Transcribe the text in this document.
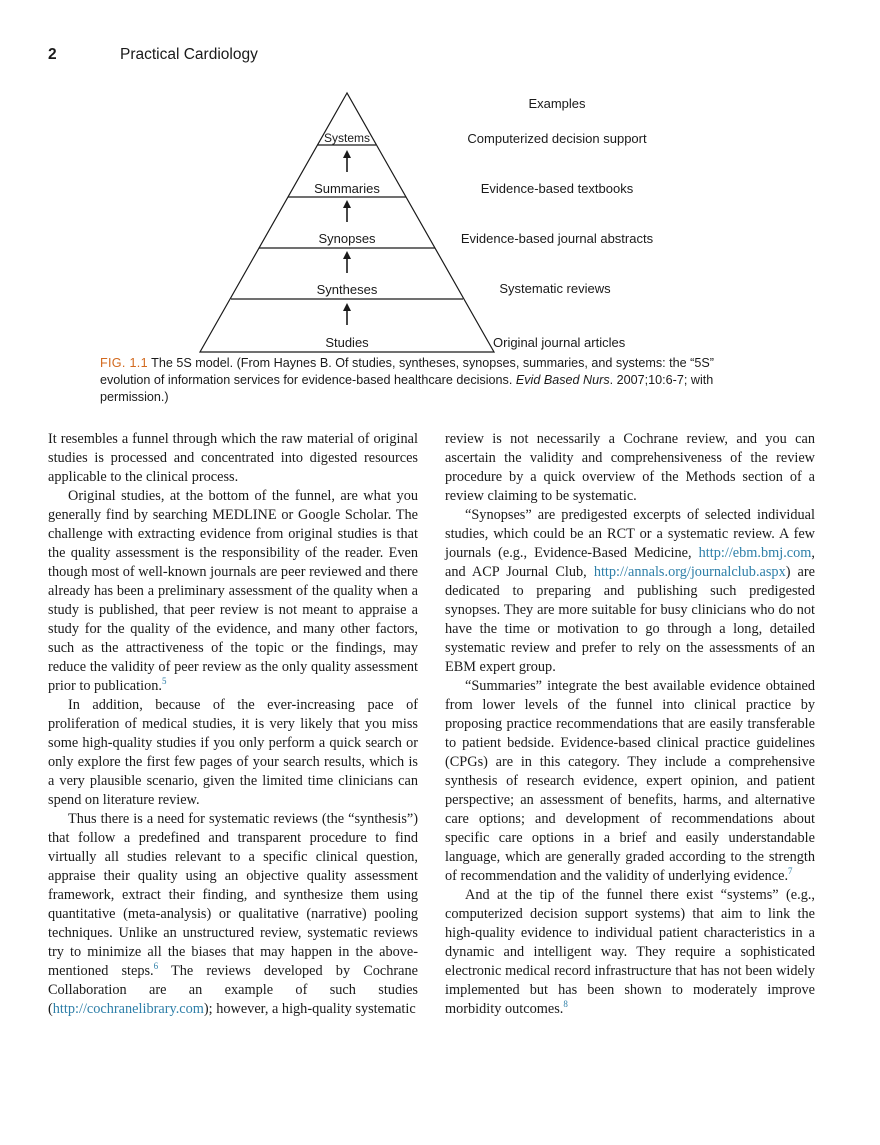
2	Practical Cardiology
Systems
Summaries
Synopses
Syntheses
Studies
Examples
Computerized decision support
Evidence-based textbooks
Evidence-based journal abstracts
Systematic reviews
Original journal articles
FIG. 1.1 The 5S model. (From Haynes B. Of studies, syntheses, synopses, summaries, and systems: the “5S” evolution of information services for evidence-based healthcare decisions. Evid Based Nurs. 2007;10:6-7; with permission.)

It resembles a funnel through which the raw material of original studies is processed and concentrated into digested resources applicable to the clinical process.

Original studies, at the bottom of the funnel, are what you generally find by searching MEDLINE or Google Scholar. The challenge with extracting evidence from original studies is that the quality assessment is the responsibility of the reader. Even though most of well-known journals are peer reviewed and there already has been a preliminary assessment of the quality when a study is published, that peer review is not meant to appraise a study for the quality of the evidence, and many other factors, such as the attractiveness of the topic or the findings, may reduce the validity of peer review as the only quality assessment prior to publication.$^5$

In addition, because of the ever-increasing pace of proliferation of medical studies, it is very likely that you miss some high-quality studies if you only perform a quick search or only explore the first few pages of your search results, which is a very plausible scenario, given the limited time clinicians can spend on literature review.

Thus there is a need for systematic reviews (the “synthesis”) that follow a predefined and transparent procedure to find virtually all studies relevant to a specific clinical question, appraise their quality using an objective quality assessment framework, extract their finding, and synthesize them using quantitative (meta-analysis) or qualitative (narrative) pooling techniques. Unlike an unstructured review, systematic reviews try to minimize all the biases that may happen in the above-mentioned steps.$^6$ The reviews developed by Cochrane Collaboration are an example of such studies (http://cochranelibrary.com); however, a high-quality systematic

review is not necessarily a Cochrane review, and you can ascertain the validity and comprehensiveness of the review procedure by a quick overview of the Methods section of a review claiming to be systematic.

“Synopses” are predigested excerpts of selected individual studies, which could be an RCT or a systematic review. A few journals (e.g., Evidence-Based Medicine, http://ebm.bmj.com, and ACP Journal Club, http://annals.org/journalclub.aspx) are dedicated to preparing and publishing such predigested synopses. They are more suitable for busy clinicians who do not have the time or motivation to go through a long, detailed systematic review and prefer to rely on the assessments of an EBM expert group.

“Summaries” integrate the best available evidence obtained from lower levels of the funnel into clinical practice by proposing practice recommendations that are easily transferable to patient bedside. Evidence-based clinical practice guidelines (CPGs) are in this category. They include a comprehensive synthesis of research evidence, expert opinion, and patient perspective; an assessment of benefits, harms, and alternative care options; and development of recommendations about specific care options in a brief and easily understandable language, which are generally graded according to the strength of recommendation and the validity of underlying evidence.$^7$

And at the tip of the funnel there exist “systems” (e.g., computerized decision support systems) that aim to link the high-quality evidence to individual patient characteristics in a dynamic and intelligent way. They require a sophisticated electronic medical record infrastructure that has not been widely implemented but has been shown to moderately improve morbidity outcomes.$^8$
